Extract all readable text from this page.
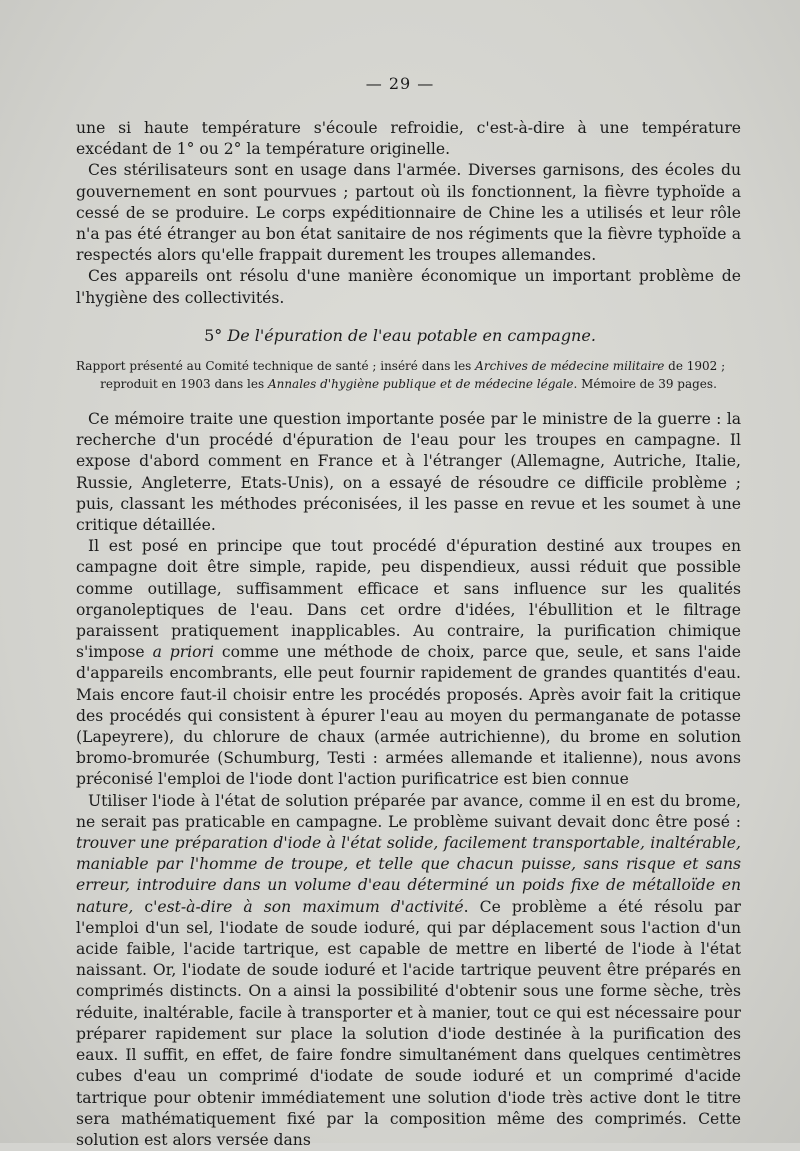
— 29 —

une si haute température s'écoule refroidie, c'est-à-dire à une température excédant de 1° ou 2° la température originelle.

Ces stérilisateurs sont en usage dans l'armée. Diverses garnisons, des écoles du gouvernement en sont pourvues ; partout où ils fonctionnent, la fièvre typhoïde a cessé de se produire. Le corps expéditionnaire de Chine les a utilisés et leur rôle n'a pas été étranger au bon état sanitaire de nos régiments que la fièvre typhoïde a respectés alors qu'elle frappait durement les troupes allemandes.

Ces appareils ont résolu d'une manière économique un important problème de l'hygiène des collectivités.

5° De l'épuration de l'eau potable en campagne.

Rapport présenté au Comité technique de santé ; inséré dans les Archives de médecine militaire de 1902 ;

reproduit en 1903 dans les Annales d'hygiène publique et de médecine légale. Mémoire de 39 pages.

Ce mémoire traite une question importante posée par le ministre de la guerre : la recherche d'un procédé d'épuration de l'eau pour les troupes en campagne. Il expose d'abord comment en France et à l'étranger (Allemagne, Autriche, Italie, Russie, Angleterre, Etats-Unis), on a essayé de résoudre ce difficile problème ; puis, classant les méthodes préconisées, il les passe en revue et les soumet à une critique détaillée.

Il est posé en principe que tout procédé d'épuration destiné aux troupes en campagne doit être simple, rapide, peu dispendieux, aussi réduit que possible comme outillage, suffisamment efficace et sans influence sur les qualités organoleptiques de l'eau. Dans cet ordre d'idées, l'ébullition et le filtrage paraissent pratiquement inapplicables. Au contraire, la purification chimique s'impose a priori comme une méthode de choix, parce que, seule, et sans l'aide d'appareils encombrants, elle peut fournir rapidement de grandes quantités d'eau. Mais encore faut-il choisir entre les procédés proposés. Après avoir fait la critique des procédés qui consistent à épurer l'eau au moyen du permanganate de potasse (Lapeyrere), du chlorure de chaux (armée autrichienne), du brome en solution bromo-bromurée (Schumburg, Testi : armées allemande et italienne), nous avons préconisé l'emploi de l'iode dont l'action purificatrice est bien connue

Utiliser l'iode à l'état de solution préparée par avance, comme il en est du brome, ne serait pas praticable en campagne. Le problème suivant devait donc être posé : trouver une préparation d'iode à l'état solide, facilement transportable, inaltérable, maniable par l'homme de troupe, et telle que chacun puisse, sans risque et sans erreur, introduire dans un volume d'eau déterminé un poids fixe de métalloïde en nature, c'est-à-dire à son maximum d'activité. Ce problème a été résolu par l'emploi d'un sel, l'iodate de soude ioduré, qui par déplacement sous l'action d'un acide faible, l'acide tartrique, est capable de mettre en liberté de l'iode à l'état naissant. Or, l'iodate de soude ioduré et l'acide tartrique peuvent être préparés en comprimés distincts. On a ainsi la possibilité d'obtenir sous une forme sèche, très réduite, inaltérable, facile à transporter et à manier, tout ce qui est nécessaire pour préparer rapidement sur place la solution d'iode destinée à la purification des eaux. Il suffit, en effet, de faire fondre simultanément dans quelques centimètres cubes d'eau un comprimé d'iodate de soude ioduré et un comprimé d'acide tartrique pour obtenir immédiatement une solution d'iode très active dont le titre sera mathématiquement fixé par la composition même des comprimés. Cette solution est alors versée dans
